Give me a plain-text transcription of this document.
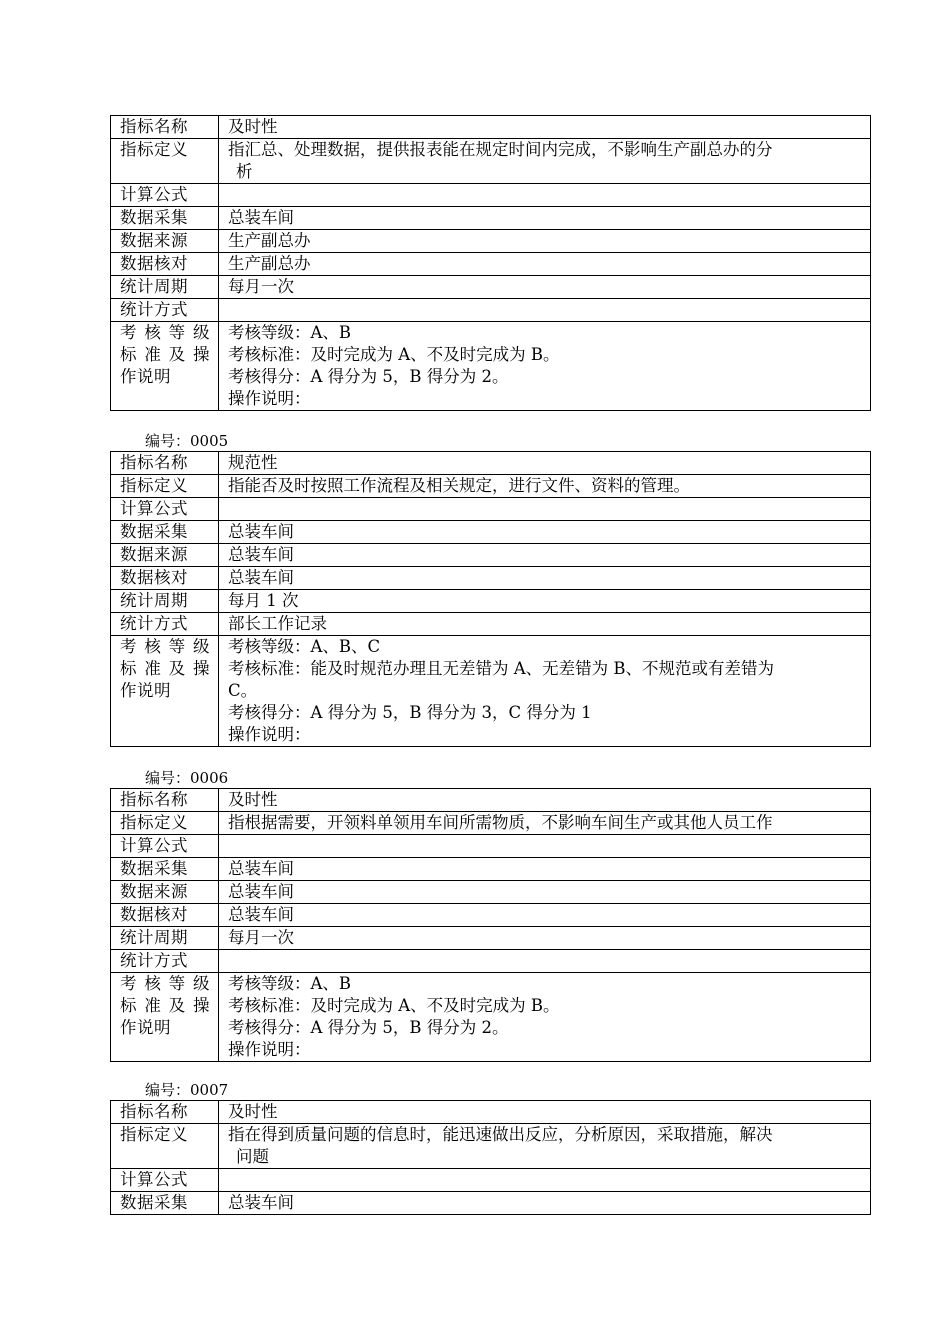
指标名称	及时性

指标定义	指汇总、处理数据，提供报表能在规定时间内完成，不影响生产副总办的分
析

计算公式	

数据采集	总装车间

数据来源	生产副总办

数据核对	生产副总办

统计周期	每月一次

统计方式	

考核等级
标准及操
作说明	考核等级：A、B
考核标准：及时完成为 A、不及时完成为 B。
考核得分：A 得分为 5，B 得分为 2。
操作说明：
编号：0005
指标名称	规范性

指标定义	指能否及时按照工作流程及相关规定，进行文件、资料的管理。

计算公式	

数据采集	总装车间

数据来源	总装车间

数据核对	总装车间

统计周期	每月 1 次

统计方式	部长工作记录

考核等级
标准及操
作说明	考核等级：A、B、C
考核标准：能及时规范办理且无差错为 A、无差错为 B、不规范或有差错为
C。
考核得分：A 得分为 5，B 得分为 3，C 得分为 1
操作说明：
编号：0006
指标名称	及时性

指标定义	指根据需要，开领料单领用车间所需物质，不影响车间生产或其他人员工作

计算公式	

数据采集	总装车间

数据来源	总装车间

数据核对	总装车间

统计周期	每月一次

统计方式	

考核等级
标准及操
作说明	考核等级：A、B
考核标准：及时完成为 A、不及时完成为 B。
考核得分：A 得分为 5，B 得分为 2。
操作说明：
编号：0007
指标名称	及时性

指标定义	指在得到质量问题的信息时，能迅速做出反应，分析原因，采取措施，解决
问题

计算公式	

数据采集	总装车间
